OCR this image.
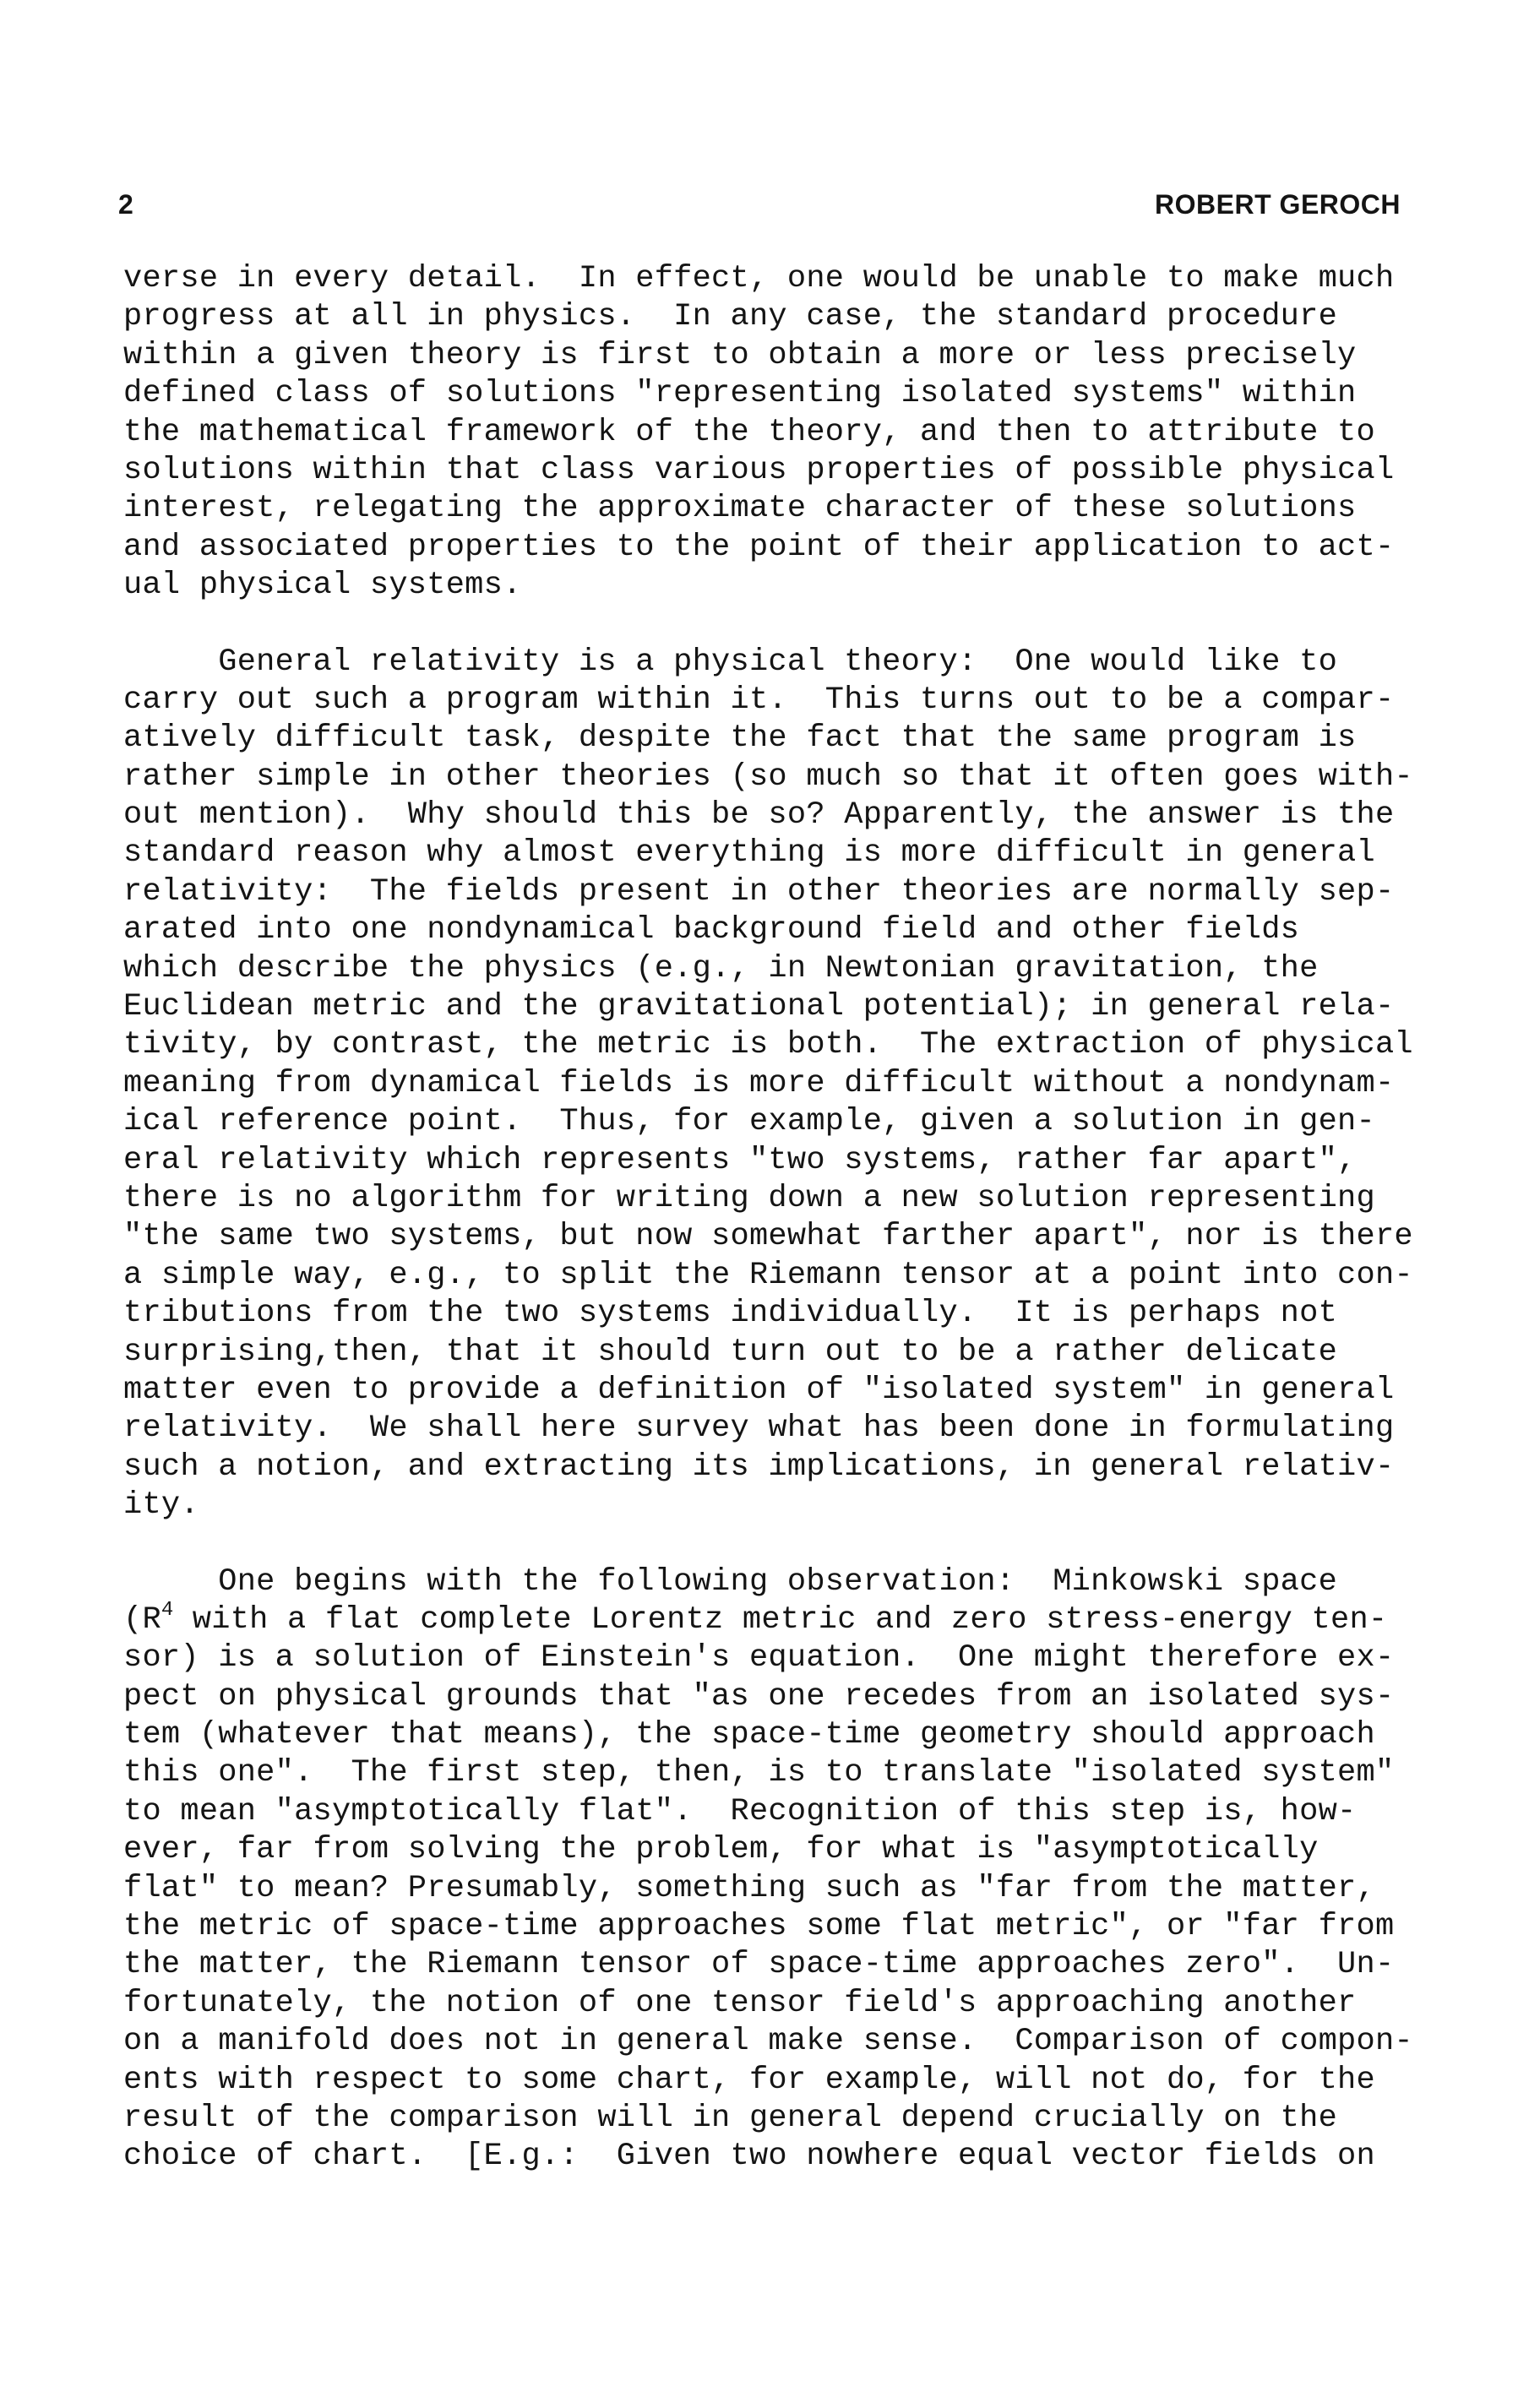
2	ROBERT GEROCH
verse in every detail.  In effect, one would be unable to make much
progress at all in physics.  In any case, the standard procedure
within a given theory is first to obtain a more or less precisely
defined class of solutions "representing isolated systems" within
the mathematical framework of the theory, and then to attribute to
solutions within that class various properties of possible physical
interest, relegating the approximate character of these solutions
and associated properties to the point of their application to act-
ual physical systems.
General relativity is a physical theory:  One would like to
carry out such a program within it.  This turns out to be a compar-
atively difficult task, despite the fact that the same program is
rather simple in other theories (so much so that it often goes with-
out mention).  Why should this be so? Apparently, the answer is the
standard reason why almost everything is more difficult in general
relativity:  The fields present in other theories are normally sep-
arated into one nondynamical background field and other fields
which describe the physics (e.g., in Newtonian gravitation, the
Euclidean metric and the gravitational potential); in general rela-
tivity, by contrast, the metric is both.  The extraction of physical
meaning from dynamical fields is more difficult without a nondynam-
ical reference point.  Thus, for example, given a solution in gen-
eral relativity which represents "two systems, rather far apart",
there is no algorithm for writing down a new solution representing
"the same two systems, but now somewhat farther apart", nor is there
a simple way, e.g., to split the Riemann tensor at a point into con-
tributions from the two systems individually.  It is perhaps not
surprising,then, that it should turn out to be a rather delicate
matter even to provide a definition of "isolated system" in general
relativity.  We shall here survey what has been done in formulating
such a notion, and extracting its implications, in general relativ-
ity.
One begins with the following observation:  Minkowski space
($R^4$ with a flat complete Lorentz metric and zero stress-energy ten-
sor) is a solution of Einstein's equation.  One might therefore ex-
pect on physical grounds that "as one recedes from an isolated sys-
tem (whatever that means), the space-time geometry should approach
this one".  The first step, then, is to translate "isolated system"
to mean "asymptotically flat".  Recognition of this step is, how-
ever, far from solving the problem, for what is "asymptotically
flat" to mean? Presumably, something such as "far from the matter,
the metric of space-time approaches some flat metric", or "far from
the matter, the Riemann tensor of space-time approaches zero".  Un-
fortunately, the notion of one tensor field's approaching another
on a manifold does not in general make sense.  Comparison of compon-
ents with respect to some chart, for example, will not do, for the
result of the comparison will in general depend crucially on the
choice of chart.  [E.g.:  Given two nowhere equal vector fields on
